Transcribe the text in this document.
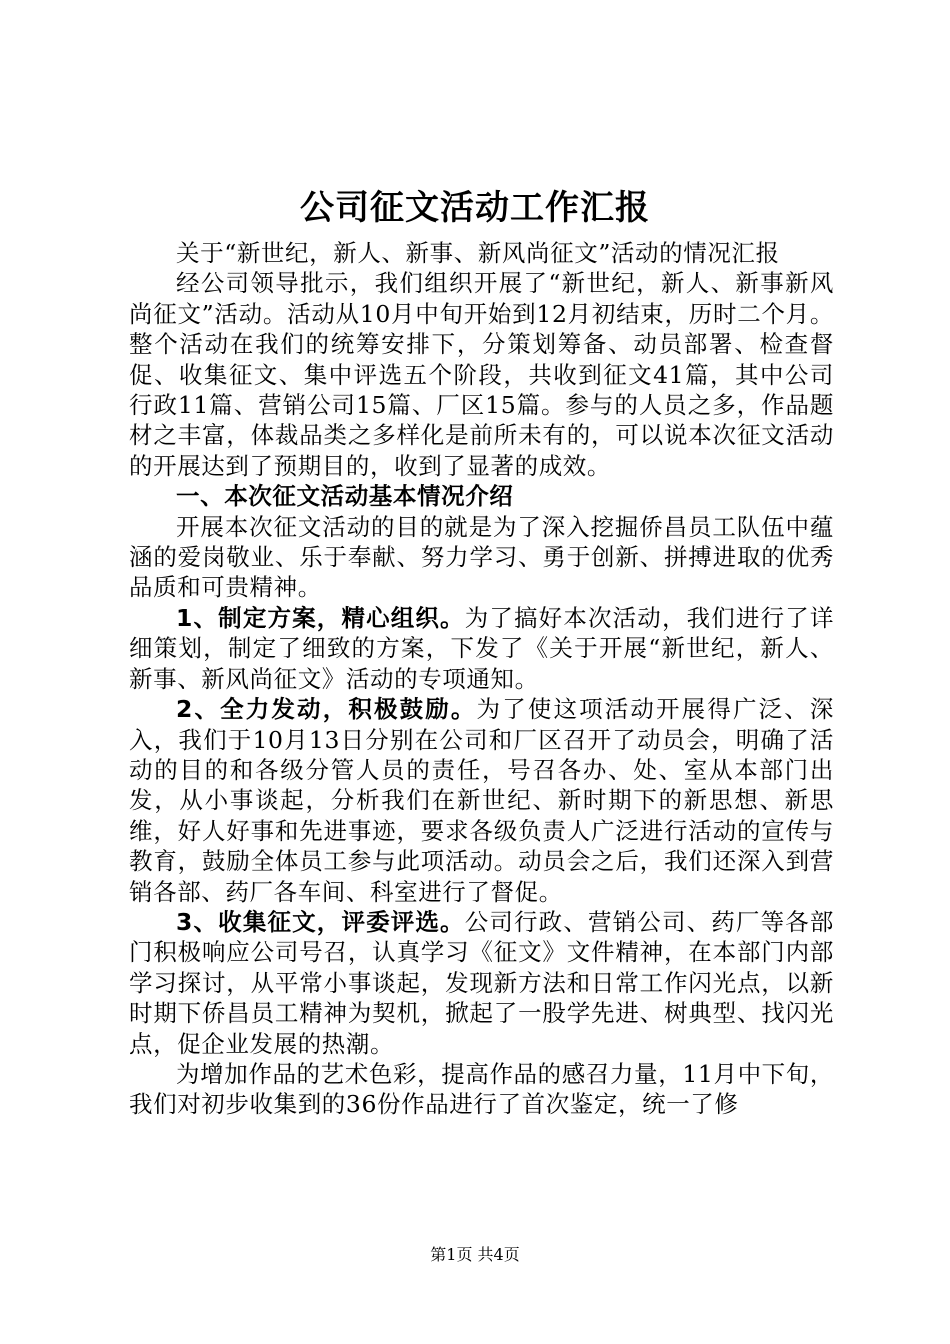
公司征文活动工作汇报

关于“新世纪，新人、新事、新风尚征文”活动的情况汇报

经公司领导批示，我们组织开展了“新世纪，新人、新事新风尚征文”活动。活动从10月中旬开始到12月初结束，历时二个月。整个活动在我们的统筹安排下，分策划筹备、动员部署、检查督促、收集征文、集中评选五个阶段，共收到征文41篇，其中公司行政11篇、营销公司15篇、厂区15篇。参与的人员之多，作品题材之丰富，体裁品类之多样化是前所未有的，可以说本次征文活动的开展达到了预期目的，收到了显著的成效。

一、本次征文活动基本情况介绍

开展本次征文活动的目的就是为了深入挖掘侨昌员工队伍中蕴涵的爱岗敬业、乐于奉献、努力学习、勇于创新、拼搏进取的优秀品质和可贵精神。

1、制定方案，精心组织。为了搞好本次活动，我们进行了详细策划，制定了细致的方案，下发了《关于开展“新世纪，新人、新事、新风尚征文》活动的专项通知。

2、全力发动，积极鼓励。为了使这项活动开展得广泛、深入，我们于10月13日分别在公司和厂区召开了动员会，明确了活动的目的和各级分管人员的责任，号召各办、处、室从本部门出发，从小事谈起，分析我们在新世纪、新时期下的新思想、新思维，好人好事和先进事迹，要求各级负责人广泛进行活动的宣传与教育，鼓励全体员工参与此项活动。动员会之后，我们还深入到营销各部、药厂各车间、科室进行了督促。

3、收集征文，评委评选。公司行政、营销公司、药厂等各部门积极响应公司号召，认真学习《征文》文件精神，在本部门内部学习探讨，从平常小事谈起，发现新方法和日常工作闪光点，以新时期下侨昌员工精神为契机，掀起了一股学先进、树典型、找闪光点，促企业发展的热潮。

为增加作品的艺术色彩，提高作品的感召力量，11月中下旬，我们对初步收集到的36份作品进行了首次鉴定，统一了修

第1页 共4页
